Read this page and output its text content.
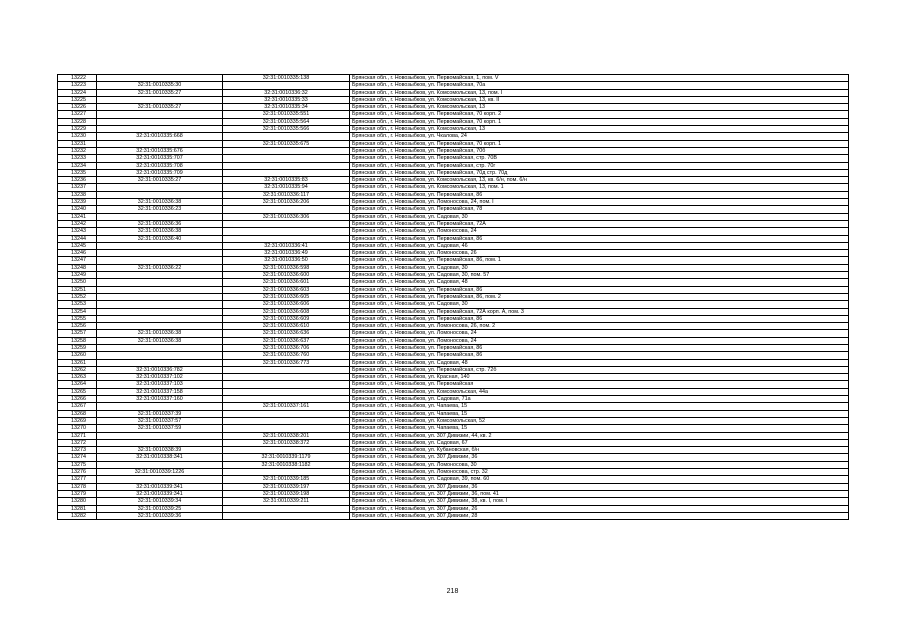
13222		32:31:0010335:138	Брянская обл., г. Новозыбков, ул. Первомайская, 1, пом. V
13223	32:31:0010335:30		Брянская обл., г. Новозыбков, ул. Первомайская, 70а
13224	32:31:0010335:27	32:31:0010336:32	Брянская обл., г. Новозыбков, ул. Комсомольская, 13, пом. I
13225		32:31:0010335:33	Брянская обл., г. Новозыбков, ул. Комсомольская, 13, кв. II
13226	32:31:0010335:27	32:31:0010335:34	Брянская обл., г. Новозыбков, ул. Комсомольская, 13
13227		32:31:0010335:551	Брянская обл., г. Новозыбков, ул. Первомайская, 70 корп. 2
13228		32:31:0010335:564	Брянская обл., г. Новозыбков, ул. Первомайская, 70 корп. 1
13229		32:31:0010335:566	Брянская обл., г. Новозыбков, ул. Комсомольская, 13
13230	32:31:0010335:668		Брянская обл., г. Новозыбков, ул. Чкалова, 24
13231		32:31:0010335:675	Брянская обл., г. Новозыбков, ул. Первомайская, 70 корп. 1
13232	32:31:0010335:676		Брянская обл., г. Новозыбков, ул. Первомайская, 70б
13233	32:31:0010335:707		Брянская обл., г. Новозыбков, ул. Первомайская, стр. 70В
13234	32:31:0010335:708		Брянская обл., г. Новозыбков, ул. Первомайская, стр. 70г
13235	32:31:0010335:709		Брянская обл., г. Новозыбков, ул. Первомайская, 70д стр. 70д
13236	32:31:0010335:27	32:31:0010335:83	Брянская обл., г. Новозыбков, ул. Комсомольская, 13, кв. 6/н, пом. 6/н
13237		32:31:0010335:94	Брянская обл., г. Новозыбков, ул. Комсомольская, 13, пом. 1
13238		32:31:0010336:117	Брянская обл., г. Новозыбков, ул. Первомайская, 86
13239	32:31:0010336:38	32:31:0010336:206	Брянская обл., г. Новозыбков, ул. Ломоносова, 24, пом. I
13240	32:31:0010336:23		Брянская обл., г. Новозыбков, ул. Первомайская, 78
13241		32:31:0010336:306	Брянская обл., г. Новозыбков, ул. Садовая, 30
13242	32:31:0010336:36		Брянская обл., г. Новозыбков, ул. Первомайская, 72А
13243	32:31:0010336:38		Брянская обл., г. Новозыбков, ул. Ломоносова, 24
13244	32:31:0010336:40		Брянская обл., г. Новозыбков, ул. Первомайская, 86
13245		32:31:0010336:41	Брянская обл., г. Новозыбков, ул. Садовая, 46
13246		32:31:0010336:49	Брянская обл., г. Новозыбков, ул. Ломоносова, 26
13247		32:31:0010336:50	Брянская обл., г. Новозыбков, ул. Первомайская, 86, пом. 1
13248	32:31:0010336:22	32:31:0010336:598	Брянская обл., г. Новозыбков, ул. Садовая, 30
13249		32:31:0010336:600	Брянская обл., г. Новозыбков, ул. Садовая, 30, пом. 57
13250		32:31:0010336:601	Брянская обл., г. Новозыбков, ул. Садовая, 48
13251		32:31:0010336:603	Брянская обл., г. Новозыбков, ул. Первомайская, 86
13252		32:31:0010336:605	Брянская обл., г. Новозыбков, ул. Первомайская, 86, пом. 2
13253		32:31:0010336:606	Брянская обл., г. Новозыбков, ул. Садовая, 30
13254		32:31:0010336:608	Брянская обл., г. Новозыбков, ул. Первомайская, 72А корп. А, пом. 3
13255		32:31:0010336:609	Брянская обл., г. Новозыбков, ул. Первомайская, 86
13256		32:31:0010336:610	Брянская обл., г. Новозыбков, ул. Ломоносова, 26, пом. 2
13257	32:31:0010336:38	32:31:0010336:636	Брянская обл., г. Новозыбков, ул. Ломоносова, 24
13258	32:31:0010336:38	32:31:0010336:637	Брянская обл., г. Новозыбков, ул. Ломоносова, 24
13259		32:31:0010336:706	Брянская обл., г. Новозыбков, ул. Первомайская, 86
13260		32:31:0010336:760	Брянская обл., г. Новозыбков, ул. Первомайская, 86
13261		32:31:0010336:773	Брянская обл., г. Новозыбков, ул. Садовая, 48
13262	32:31:0010336:782		Брянская обл., г. Новозыбков, ул. Первомайская, стр. 72б
13263	32:31:0010337:102		Брянская обл., г. Новозыбков, ул. Красная, 140
13264	32:31:0010337:103		Брянская обл., г. Новозыбков, ул. Первомайская
13265	32:31:0010337:158		Брянская обл., г. Новозыбков, ул. Комсомольская, 44а
13266	32:31:0010337:160		Брянская обл., г. Новозыбков, ул. Садовая, 71а
13267		32:31:0010337:161	Брянская обл., г. Новозыбков, ул. Чапаева, 15
13268	32:31:0010337:39		Брянская обл., г. Новозыбков, ул. Чапаева, 15
13269	32:31:0010337:57		Брянская обл., г. Новозыбков, ул. Комсомольская, 52
13270	32:31:0010337:59		Брянская обл., г. Новозыбков, ул. Чапаева, 15
13271		32:31:0010338:201	Брянская обл., г. Новозыбков, ул. 307 Дивизии, 44, кв. 2
13272		32:31:0010338:372	Брянская обл., г. Новозыбков, ул. Садовая, 67
13273	32:31:0010338:39		Брянская обл., г. Новозыбков, ул. Кубановская, б/н
13274	32:31:0010338:341	32:31:0010339:1179	Брянская обл., г. Новозыбков, ул. 307 Дивизии, 36
13275		32:31:0010338:1182	Брянская обл., г. Новозыбков, ул. Ломоносова, 30
13276	32:31:0010339:1226		Брянская обл., г. Новозыбков, ул. Ломоносова, стр. 32
13277		32:31:0010339:185	Брянская обл., г. Новозыбков, ул. Садовая, 39, пом. 60
13278	32:31:0010339:341	32:31:0010339:197	Брянская обл., г. Новозыбков, ул. 307 Дивизии, 36
13279	32:31:0010339:341	32:31:0010339:198	Брянская обл., г. Новозыбков, ул. 307 Дивизии, 36, пом. 41
13280	32:31:0010339:34	32:31:0010339:211	Брянская обл., г. Новозыбков, ул. 307 Дивизии, 38, кв. I, пом. I
13281	32:31:0010339:25		Брянская обл., г. Новозыбков, ул. 307 Дивизии, 26
13282	32:31:0010339:36		Брянская обл., г. Новозыбков, ул. 307 Дивизии, 28
218
